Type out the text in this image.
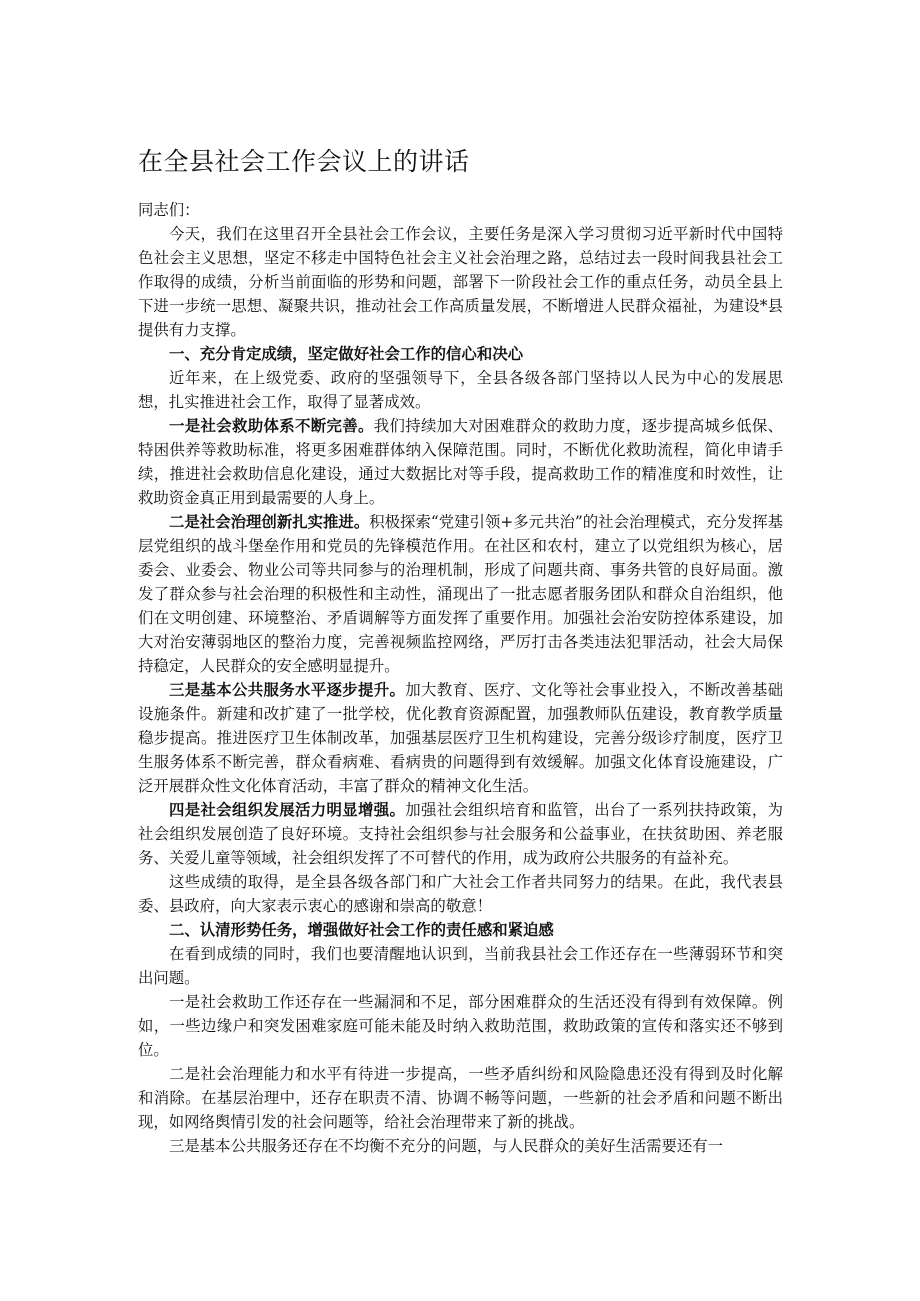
在全县社会工作会议上的讲话

同志们：

今天，我们在这里召开全县社会工作会议，主要任务是深入学习贯彻习近平新时代中国特色社会主义思想，坚定不移走中国特色社会主义社会治理之路，总结过去一段时间我县社会工作取得的成绩，分析当前面临的形势和问题，部署下一阶段社会工作的重点任务，动员全县上下进一步统一思想、凝聚共识，推动社会工作高质量发展，不断增进人民群众福祉，为建设*县提供有力支撑。

一、充分肯定成绩，坚定做好社会工作的信心和决心

近年来，在上级党委、政府的坚强领导下，全县各级各部门坚持以人民为中心的发展思想，扎实推进社会工作，取得了显著成效。

一是社会救助体系不断完善。我们持续加大对困难群众的救助力度，逐步提高城乡低保、特困供养等救助标准，将更多困难群体纳入保障范围。同时，不断优化救助流程，简化申请手续，推进社会救助信息化建设，通过大数据比对等手段，提高救助工作的精准度和时效性，让救助资金真正用到最需要的人身上。

二是社会治理创新扎实推进。积极探索“党建引领+多元共治”的社会治理模式，充分发挥基层党组织的战斗堡垒作用和党员的先锋模范作用。在社区和农村，建立了以党组织为核心，居委会、业委会、物业公司等共同参与的治理机制，形成了问题共商、事务共管的良好局面。激发了群众参与社会治理的积极性和主动性，涌现出了一批志愿者服务团队和群众自治组织，他们在文明创建、环境整治、矛盾调解等方面发挥了重要作用。加强社会治安防控体系建设，加大对治安薄弱地区的整治力度，完善视频监控网络，严厉打击各类违法犯罪活动，社会大局保持稳定，人民群众的安全感明显提升。

三是基本公共服务水平逐步提升。加大教育、医疗、文化等社会事业投入，不断改善基础设施条件。新建和改扩建了一批学校，优化教育资源配置，加强教师队伍建设，教育教学质量稳步提高。推进医疗卫生体制改革，加强基层医疗卫生机构建设，完善分级诊疗制度，医疗卫生服务体系不断完善，群众看病难、看病贵的问题得到有效缓解。加强文化体育设施建设，广泛开展群众性文化体育活动，丰富了群众的精神文化生活。

四是社会组织发展活力明显增强。加强社会组织培育和监管，出台了一系列扶持政策，为社会组织发展创造了良好环境。支持社会组织参与社会服务和公益事业，在扶贫助困、养老服务、关爱儿童等领域，社会组织发挥了不可替代的作用，成为政府公共服务的有益补充。

这些成绩的取得，是全县各级各部门和广大社会工作者共同努力的结果。在此，我代表县委、县政府，向大家表示衷心的感谢和崇高的敬意！

二、认清形势任务，增强做好社会工作的责任感和紧迫感

在看到成绩的同时，我们也要清醒地认识到，当前我县社会工作还存在一些薄弱环节和突出问题。

一是社会救助工作还存在一些漏洞和不足，部分困难群众的生活还没有得到有效保障。例如，一些边缘户和突发困难家庭可能未能及时纳入救助范围，救助政策的宣传和落实还不够到位。

二是社会治理能力和水平有待进一步提高，一些矛盾纠纷和风险隐患还没有得到及时化解和消除。在基层治理中，还存在职责不清、协调不畅等问题，一些新的社会矛盾和问题不断出现，如网络舆情引发的社会问题等，给社会治理带来了新的挑战。

三是基本公共服务还存在不均衡不充分的问题，与人民群众的美好生活需要还有一
